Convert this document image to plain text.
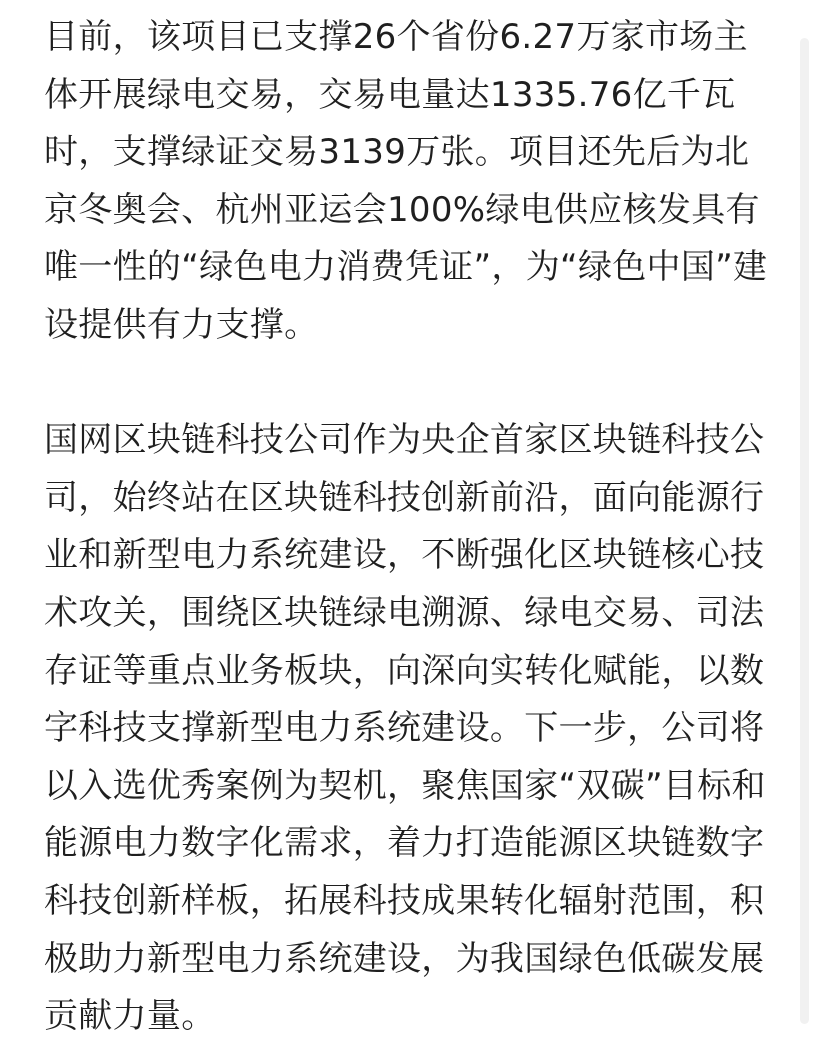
目前，该项目已支撑26个省份6.27万家市场主
体开展绿电交易，交易电量达1335.76亿千瓦
时，支撑绿证交易3139万张。项目还先后为北
京冬奥会、杭州亚运会100%绿电供应核发具有
唯一性的“绿色电力消费凭证”，为“绿色中国”建
设提供有力支撑。
国网区块链科技公司作为央企首家区块链科技公
司，始终站在区块链科技创新前沿，面向能源行
业和新型电力系统建设，不断强化区块链核心技
术攻关，围绕区块链绿电溯源、绿电交易、司法
存证等重点业务板块，向深向实转化赋能，以数
字科技支撑新型电力系统建设。下一步，公司将
以入选优秀案例为契机，聚焦国家“双碳”目标和
能源电力数字化需求，着力打造能源区块链数字
科技创新样板，拓展科技成果转化辐射范围，积
极助力新型电力系统建设，为我国绿色低碳发展
贡献力量。
